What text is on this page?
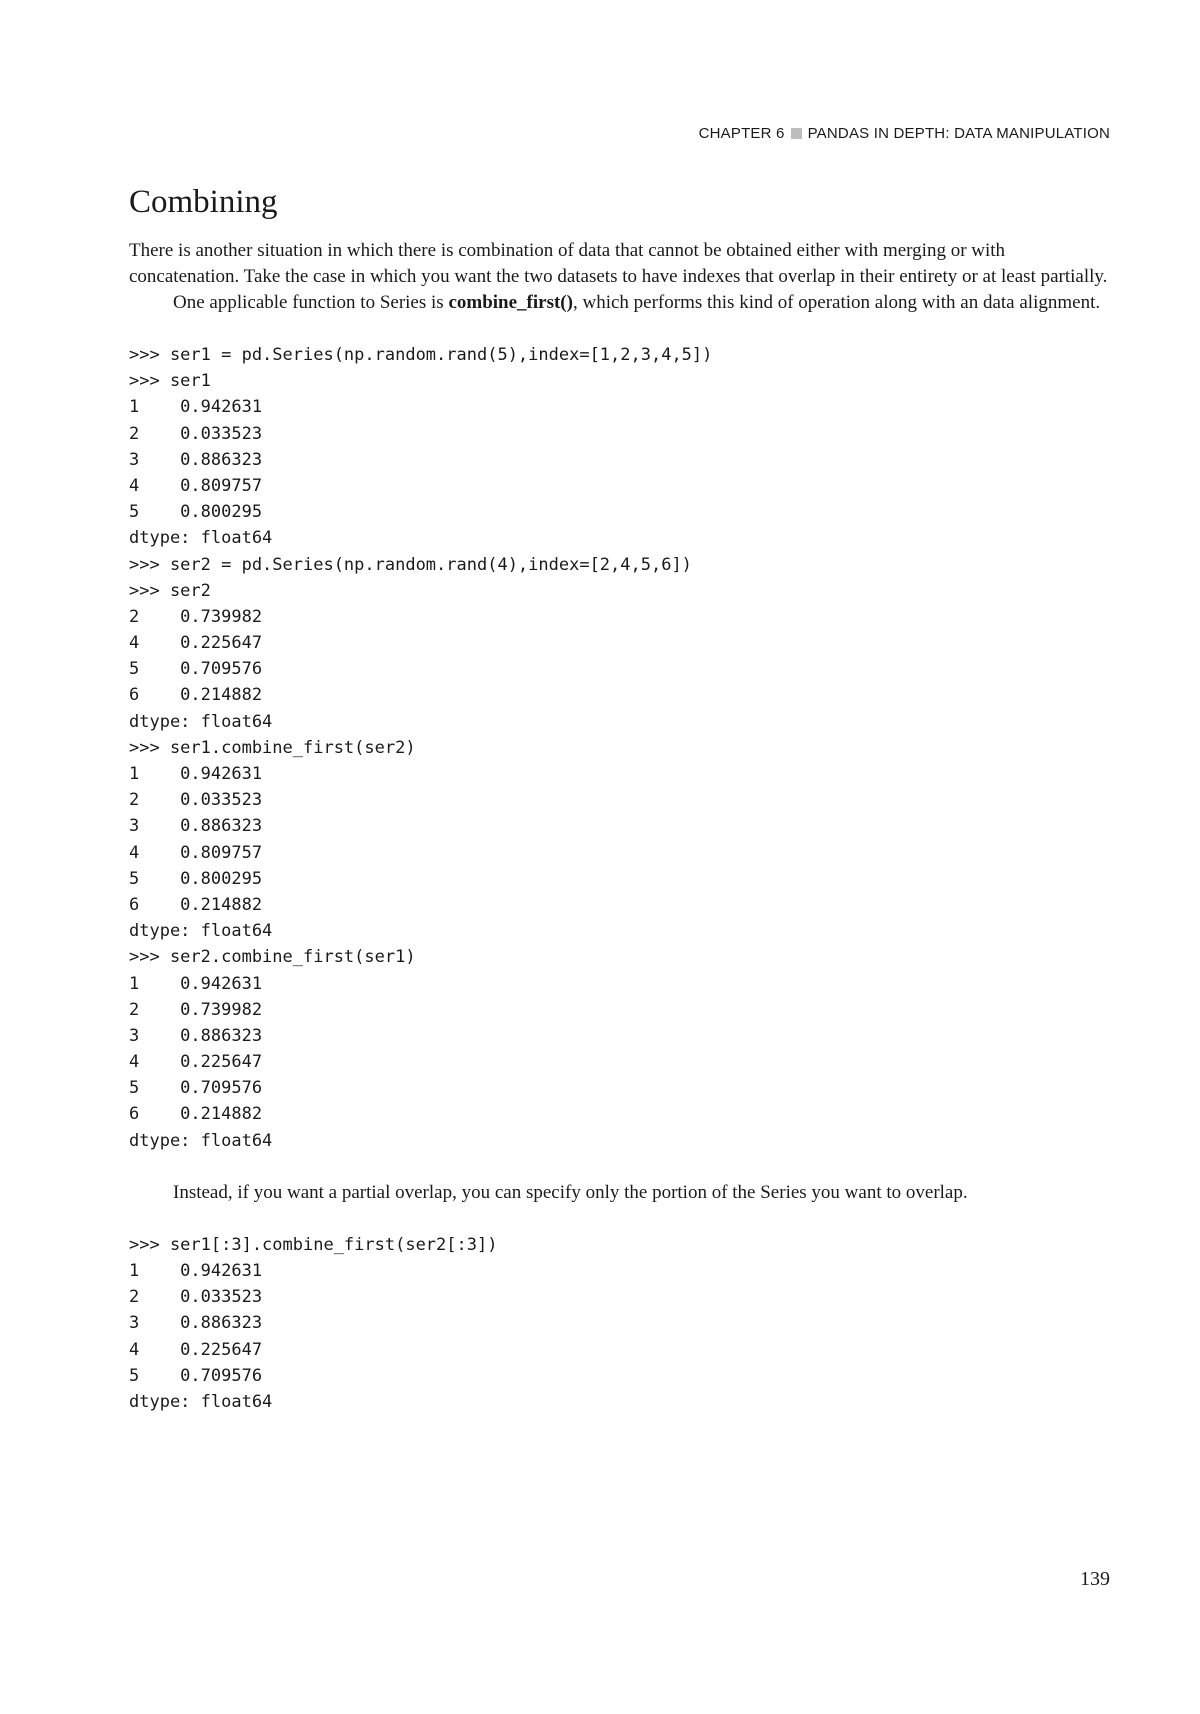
CHAPTER 6 PANDAS IN DEPTH: DATA MANIPULATION
Combining

There is another situation in which there is combination of data that cannot be obtained either with merging or with concatenation. Take the case in which you want the two datasets to have indexes that overlap in their entirety or at least partially.

One applicable function to Series is combine_first(), which performs this kind of operation along with an data alignment.

>>> ser1 = pd.Series(np.random.rand(5),index=[1,2,3,4,5])
>>> ser1
1    0.942631
2    0.033523
3    0.886323
4    0.809757
5    0.800295
dtype: float64
>>> ser2 = pd.Series(np.random.rand(4),index=[2,4,5,6])
>>> ser2
2    0.739982
4    0.225647
5    0.709576
6    0.214882
dtype: float64
>>> ser1.combine_first(ser2)
1    0.942631
2    0.033523
3    0.886323
4    0.809757
5    0.800295
6    0.214882
dtype: float64
>>> ser2.combine_first(ser1)
1    0.942631
2    0.739982
3    0.886323
4    0.225647
5    0.709576
6    0.214882
dtype: float64

Instead, if you want a partial overlap, you can specify only the portion of the Series you want to overlap.

>>> ser1[:3].combine_first(ser2[:3])
1    0.942631
2    0.033523
3    0.886323
4    0.225647
5    0.709576
dtype: float64
139
